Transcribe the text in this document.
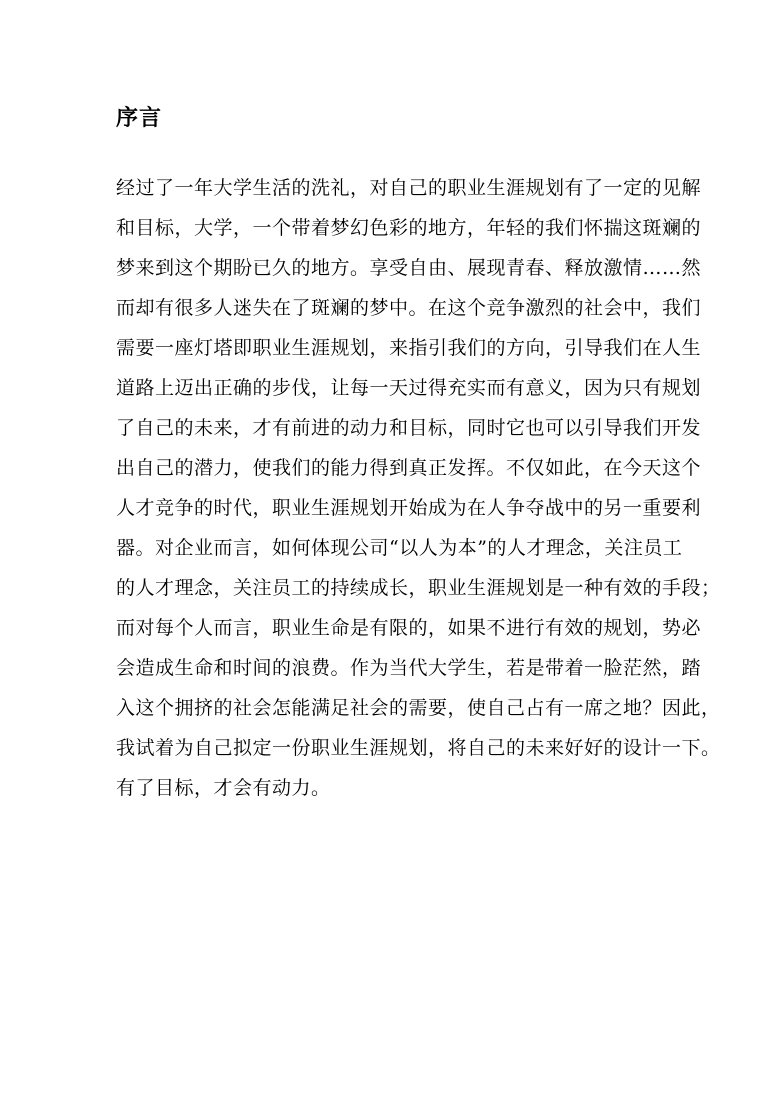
序言
经过了一年大学生活的洗礼，对自己的职业生涯规划有了一定的见解
和目标，大学，一个带着梦幻色彩的地方，年轻的我们怀揣这斑斓的
梦来到这个期盼已久的地方。享受自由、展现青春、释放激情……然
而却有很多人迷失在了斑斓的梦中。在这个竞争激烈的社会中，我们
需要一座灯塔即职业生涯规划，来指引我们的方向，引导我们在人生
道路上迈出正确的步伐，让每一天过得充实而有意义，因为只有规划
了自己的未来，才有前进的动力和目标，同时它也可以引导我们开发
出自己的潜力，使我们的能力得到真正发挥。不仅如此，在今天这个
人才竞争的时代，职业生涯规划开始成为在人争夺战中的另一重要利
器。对企业而言，如何体现公司“以人为本”的人才理念，关注员工
的人才理念，关注员工的持续成长，职业生涯规划是一种有效的手段；
而对每个人而言，职业生命是有限的，如果不进行有效的规划，势必
会造成生命和时间的浪费。作为当代大学生，若是带着一脸茫然，踏
入这个拥挤的社会怎能满足社会的需要，使自己占有一席之地？因此，
我试着为自己拟定一份职业生涯规划，将自己的未来好好的设计一下。
有了目标，才会有动力。
